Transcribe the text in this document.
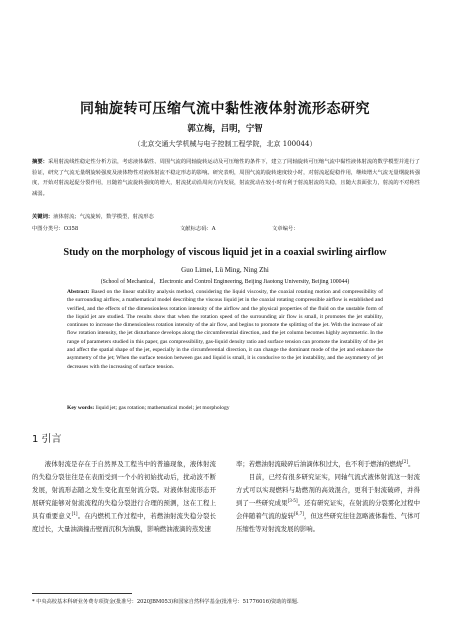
同轴旋转可压缩气流中黏性液体射流形态研究
郭立梅，吕明，宁智
（北京交通大学机械与电子控制工程学院，北京 100044）
摘要：采用射流线性稳定性分析方法，考虑液体黏性、周围气流的同轴旋转运动及可压缩性的条件下，建立了同轴旋转可压缩气流中黏性液体射流的数学模型并进行了验证，研究了气流无量纲旋转强度及液体物性对液体射流不稳定形态的影响。研究表明，周围气流的旋转速度较小时，对射流起促稳作用，继续增大气流无量纲旋转强度，开始对射流起促分裂作用，且随着气流旋转强度的增大，射流扰动沿周向方向发展，射流扰动在较小时有利于射流射流的失稳，且随大表面张力，射流的不对称性减弱。
关键词：液体射流；气流旋转，数学模型，射流形态
中图分类号：O358	文献标志码：A	文章编号：
Study on the morphology of viscous liquid jet in a coaxial swirling airflow
Guo Limei, Lü Ming, Ning Zhi
(School of Mechanical，Electronic and Control Engineering, Beijing Jiaotong University, Beijing 100044)
Abstract: Based on the linear stability analysis method, considering the liquid viscosity, the coaxial rotating motion and compressibility of the surrounding airflow, a mathematical model describing the viscous liquid jet in the coaxial rotating compressible airflow is established and verified, and the effects of the dimensionless rotation intensity of the airflow and the physical properties of the fluid on the unstable form of the liquid jet are studied. The results show that when the rotation speed of the surrounding air flow is small, it promotes the jet stability, continues to increase the dimensionless rotation intensity of the air flow, and begins to promote the splitting of the jet. With the increase of air flow rotation intensity, the jet disturbance develops along the circumferential direction, and the jet column becomes highly asymmetric. In the range of parameters studied in this paper, gas compressibility, gas-liquid density ratio and surface tension can promote the instability of the jet and affect the spatial shape of the jet, especially in the circumferential direction, it can change the dominant mode of the jet and enhance the asymmetry of the jet; When the surface tension between gas and liquid is small, it is conducive to the jet instability, and the asymmetry of jet decreases with the increasing of surface tension.
Key words: liquid jet; gas rotation; mathematical model; jet morphology
1 引言

液体射流是存在于自然界及工程当中的普遍现象，液体射流的失稳分裂往往是在表面受到一个小的初始扰动后，扰动波不断发展，射流形态随之发生变化直至射流分裂。对液体射流形态开展研究能够对射流流程的失稳分裂进行合理的预测，这在工程上具有重要意义[1]。在内燃机工作过程中，若燃油射流失稳分裂长度过长，大量油滴撞击壁面沉积为油膜，影响燃油液滴的蒸发速

率；若燃油射流破碎后油滴体积过大，也不利于燃油的燃烧[2]。

目前，已经有很多研究证实，同轴气流式液体射流这一射流方式可以实现燃料与助燃剂的高效混合，更利于射流破碎，并得到了一些研究成果[3-5]。还有研究证实，在射流的分裂雾化过程中会伴随着气流的旋转[6,7]，但这些研究往往忽略液体黏性、气体可压缩性等对射流发展的影响。

* 中央高校基本科研业务费专项资金(批准号：2020JBM053)和国家自然科学基金(批准号：51776016)资助的课题.
